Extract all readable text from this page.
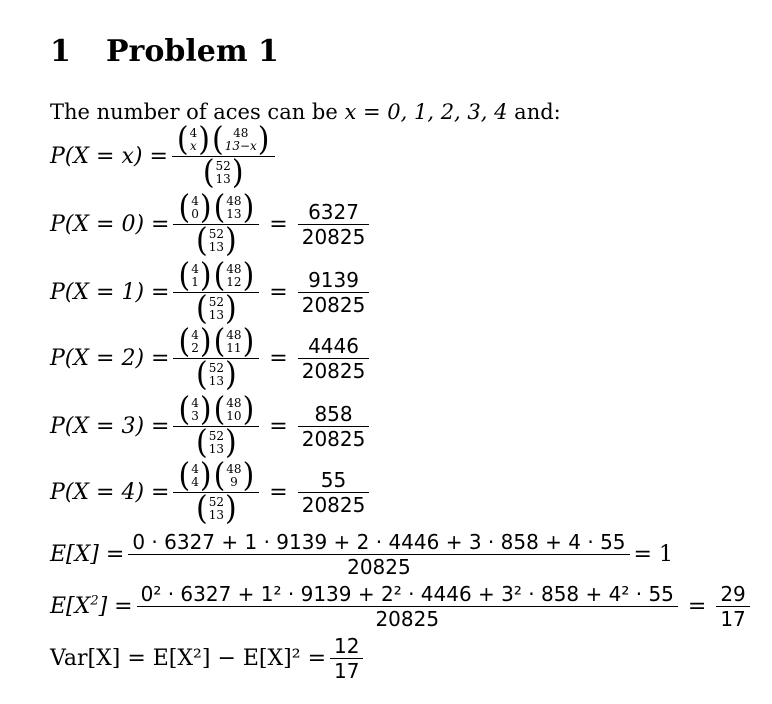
1 Problem 1
The number of aces can be x = 0, 1, 2, 3, 4 and:
P(X = x) = ( 4
x ) ( 48
13−x )
( 52
13 )
P(X = 0) = ( 4
0 ) ( 48
13 )
( 52
13 ) = $\frac{6327}{20825}$
P(X = 1) = ( 4
1 ) ( 48
12 )
( 52
13 ) = $\frac{9139}{20825}$
P(X = 2) = ( 4
2 ) ( 48
11 )
( 52
13 ) = $\frac{4446}{20825}$
P(X = 3) = ( 4
3 ) ( 48
10 )
( 52
13 ) = $\frac{858}{20825}$
P(X = 4) = ( 4
4 ) ( 48
9 )
( 52
13 ) = $\frac{55}{20825}$
$E[X] = \frac{0 \cdot 6327 + 1 \cdot 9139 + 2 \cdot 4446 + 3 \cdot 858 + 4 \cdot 55}{20825} = 1$
$E[X^2] = \frac{\text{0² · 6327 + 1² · 9139 + 2² · 4446 + 3² · 858 + 4² · 55}}{20825} = \frac{29}{17}$
$Var[X] = E[X^2] - E[X]^2 = \frac{12}{17}$
